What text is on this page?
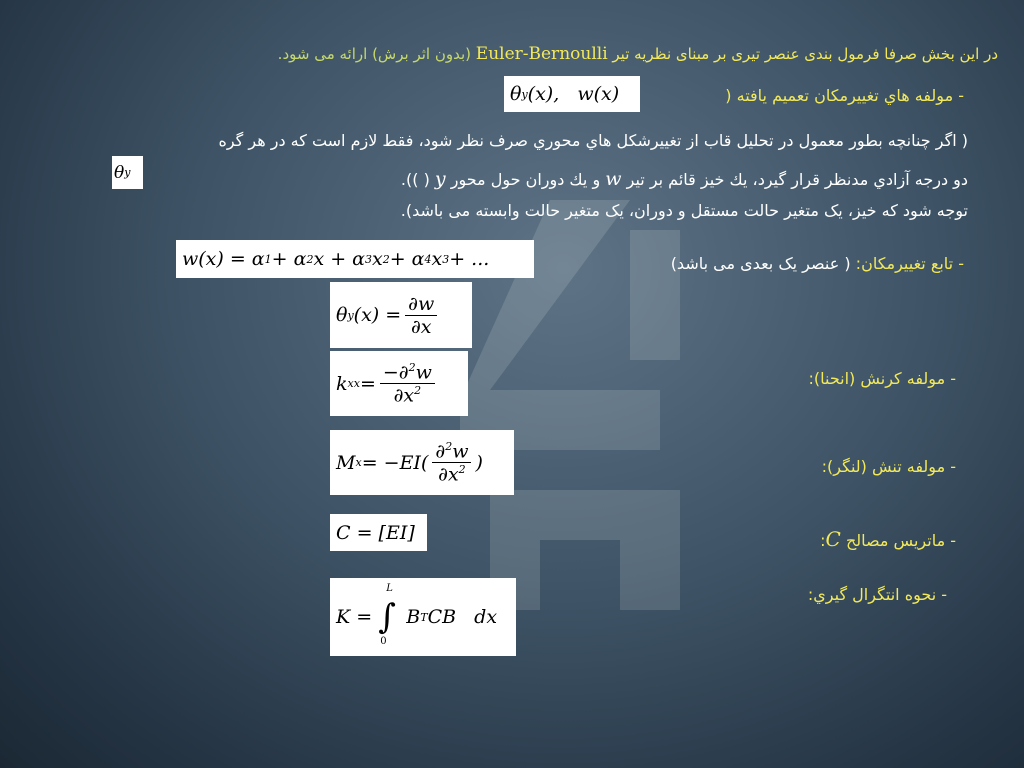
در این بخش صرفا فرمول بندی عنصر تیری بر مبنای نظریه تیر Euler-Bernoulli (بدون اثر برش) ارائه می شود.
- مولفه هاي تغييرمكان تعميم يافته (
θ y (x),   w(x)
( اگر چنانچه بطور معمول در تحليل قاب از تغييرشكل هاي محوري صرف نظر شود، فقط لازم است كه در هر گره
دو درجه آزادي مدنظر قرار گيرد، يك خيز قائم بر تير w و يك دوران حول محور y ( )).
θ y
توجه شود که خیز، یک متغیر حالت مستقل و دوران، یک متغیر حالت وابسته می باشد).
- تابع تغييرمكان: ( عنصر يک بعدی می باشد)
w(x) = α 1 + α 2 x + α 3 x 2 + α 4 x 3 + ...
θ y $(x) = \frac{\partial w}{\partial x}$
- مولفه كرنش (انحنا):
k xx = $\frac{-\partial^2w}{\partial x^2}$
- مولفه تنش (لنگر):
M $x = -EI( \frac{\partial^2w}{\partial x^2}$ )
- ماتريس مصالح C:
C = [EI]
- نحوه انتگرال گيري:
K = ∫
L
0
B T CB   dx
